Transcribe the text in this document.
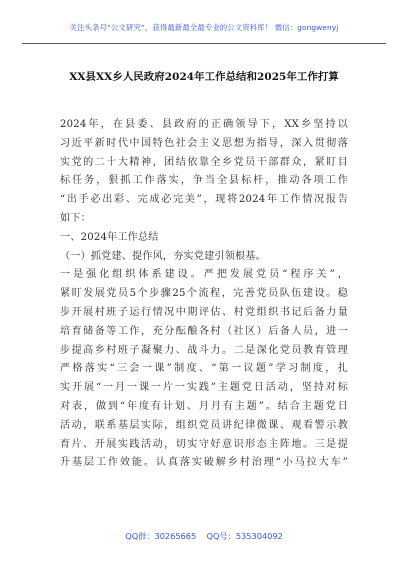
关注头条号“公文研究”，获得最新最全最专业的公文资料库！ 微信：gongwenyj
XX县XX乡人民政府2024年工作总结和2025年工作打算
2024年，在县委、县政府的正确领导下，XX乡坚持以
习近平新时代中国特色社会主义思想为指导，深入贯彻落
实党的二十大精神，团结依靠全乡党员干部群众，紧盯目
标任务，狠抓工作落实，争当全县标杆，推动各项工作
“出手必出彩、完成必完美”，现将2024年工作情况报告
如下：
一、2024年工作总结
（一）抓党建、提作风，夯实党建引领根基。
一是强化组织体系建设。严把发展党员“程序关”，
紧盯发展党员5个步骤25个流程，完善党员队伍建设。稳
步开展村班子运行情况中期评估、村党组织书记后备力量
培育储备等工作，充分酝酿各村（社区）后备人员，进一
步提高乡村班子凝聚力、战斗力。二是深化党员教育管理
严格落实“三会一课”制度、“第一议题”学习制度，扎
实开展“一月一课一片一实践”主题党日活动，坚持对标
对表，做到“年度有计划、月月有主题”。结合主题党日
活动，联系基层实际，组织党员讲纪律微课、观看警示教
育片、开展实践活动，切实守好意识形态主阵地。三是提
升基层工作效能。认真落实破解乡村治理“小马拉大车”
QQ群：30265665    QQ号：535304092
